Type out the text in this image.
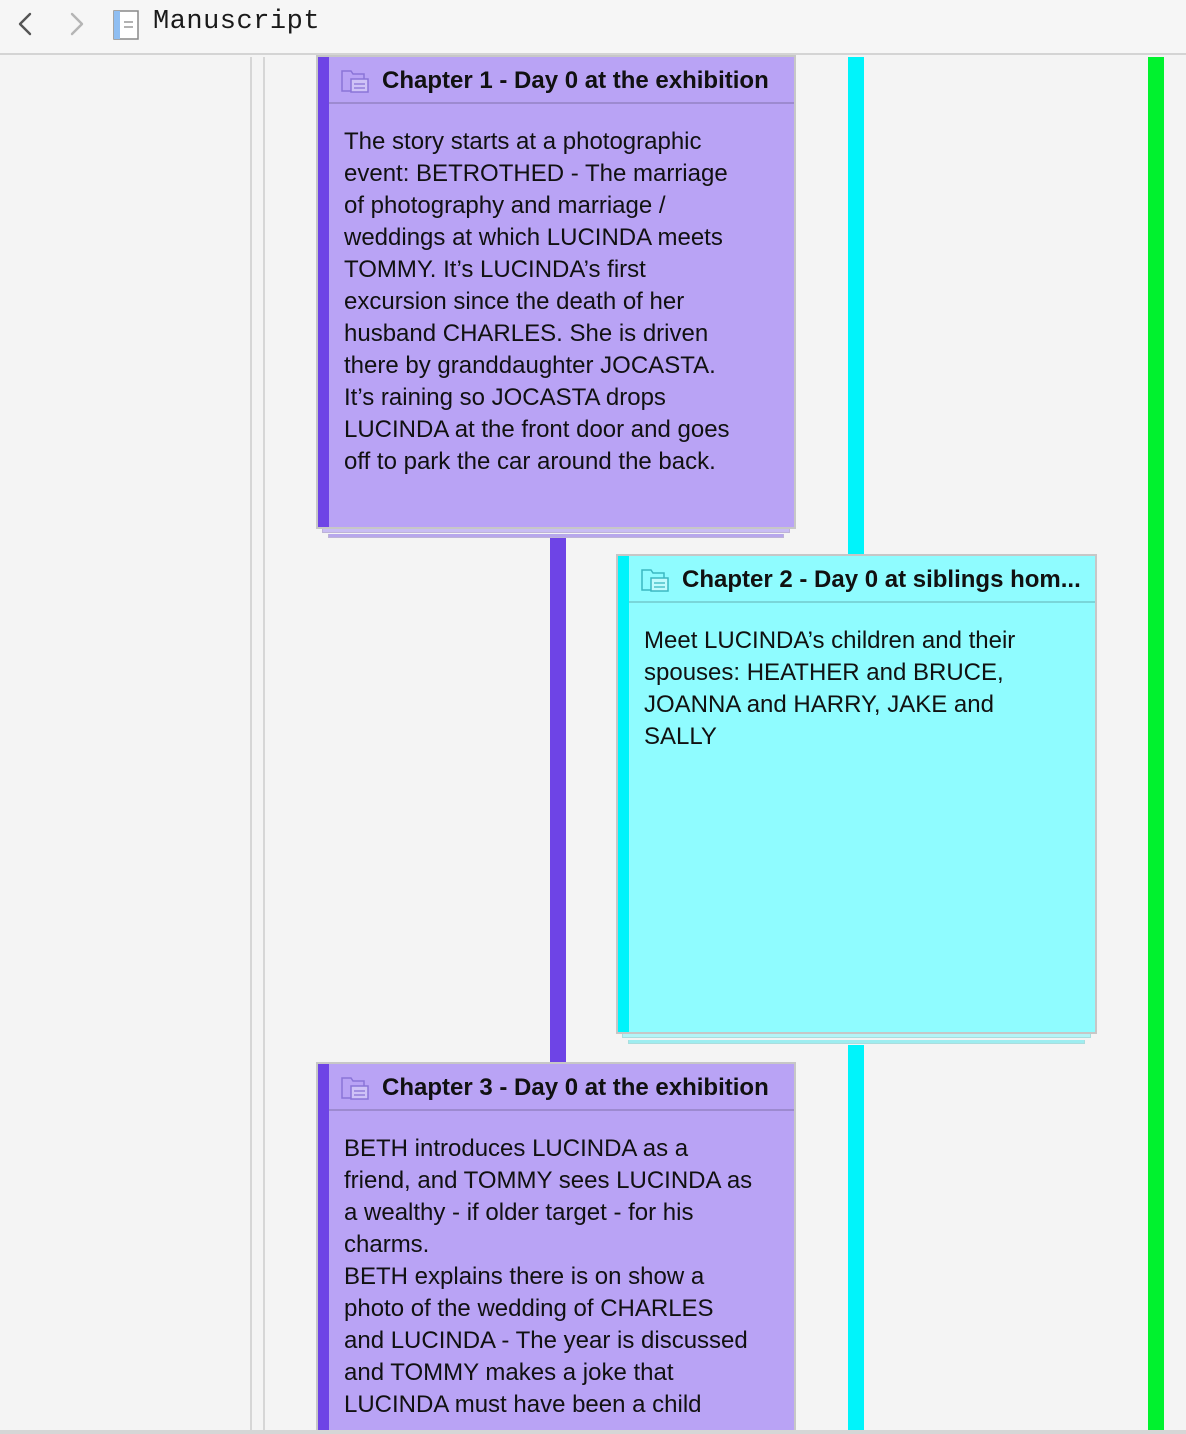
Manuscript
Chapter 1 - Day 0 at the exhibition
The story starts at a photographic
event: BETROTHED - The marriage
of photography and marriage /
weddings at which LUCINDA meets
TOMMY. It’s LUCINDA’s first
excursion since the death of her
husband CHARLES. She is driven
there by granddaughter JOCASTA.
It’s raining so JOCASTA drops
LUCINDA at the front door and goes
off to park the car around the back.
Chapter 2 - Day 0 at siblings hom...
Meet LUCINDA’s children and their
spouses: HEATHER and BRUCE,
JOANNA and HARRY, JAKE and
SALLY
Chapter 3 - Day 0 at the exhibition
BETH introduces LUCINDA as a
friend, and TOMMY sees LUCINDA as
a wealthy - if older target - for his
charms.
BETH explains there is on show a
photo of the wedding of CHARLES
and LUCINDA - The year is discussed
and TOMMY makes a joke that
LUCINDA must have been a child
